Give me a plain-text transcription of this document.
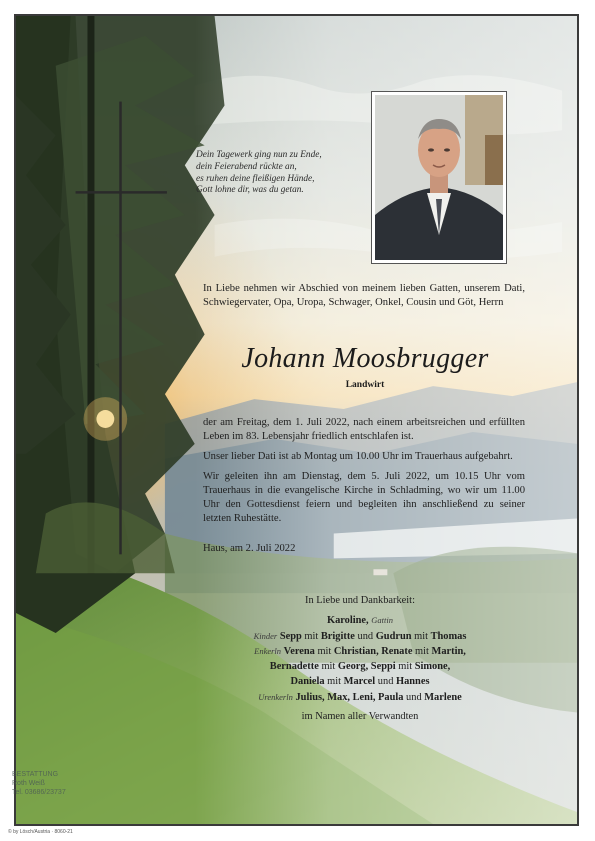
Dein Tagewerk ging nun zu Ende,
dein Feierabend rückte an,
es ruhen deine fleißigen Hände,
Gott lohne dir, was du getan.
In Liebe nehmen wir Abschied von meinem lieben Gatten, unserem Dati, Schwiegervater, Opa, Uropa, Schwager, Onkel, Cousin und Göt, Herrn
Johann Moosbrugger
Landwirt

der am Freitag, dem 1. Juli 2022, nach einem arbeitsreichen und erfüllten Leben im 83. Lebensjahr friedlich entschlafen ist.

Unser lieber Dati ist ab Montag um 10.00 Uhr im Trauerhaus aufgebahrt.

Wir geleiten ihn am Dienstag, dem 5. Juli 2022, um 10.15 Uhr vom Trauerhaus in die evangelische Kirche in Schladming, wo wir um 11.00 Uhr den Gottesdienst feiern und begleiten ihn anschließend zu seiner letzten Ruhestätte.

Haus, am 2. Juli 2022
In Liebe und Dankbarkeit:
Karoline, Gattin
Kinder Sepp mit Brigitte und Gudrun mit Thomas
Enkerln Verena mit Christian, Renate mit Martin,
Bernadette mit Georg, Seppi mit Simone,
Daniela mit Marcel und Hannes
Urenkerln Julius, Max, Leni, Paula und Marlene
im Namen aller Verwandten
BESTATTUNG
Roth Weiß
Tel. 03686/23737
© by Lösch/Austria · 8060-21
